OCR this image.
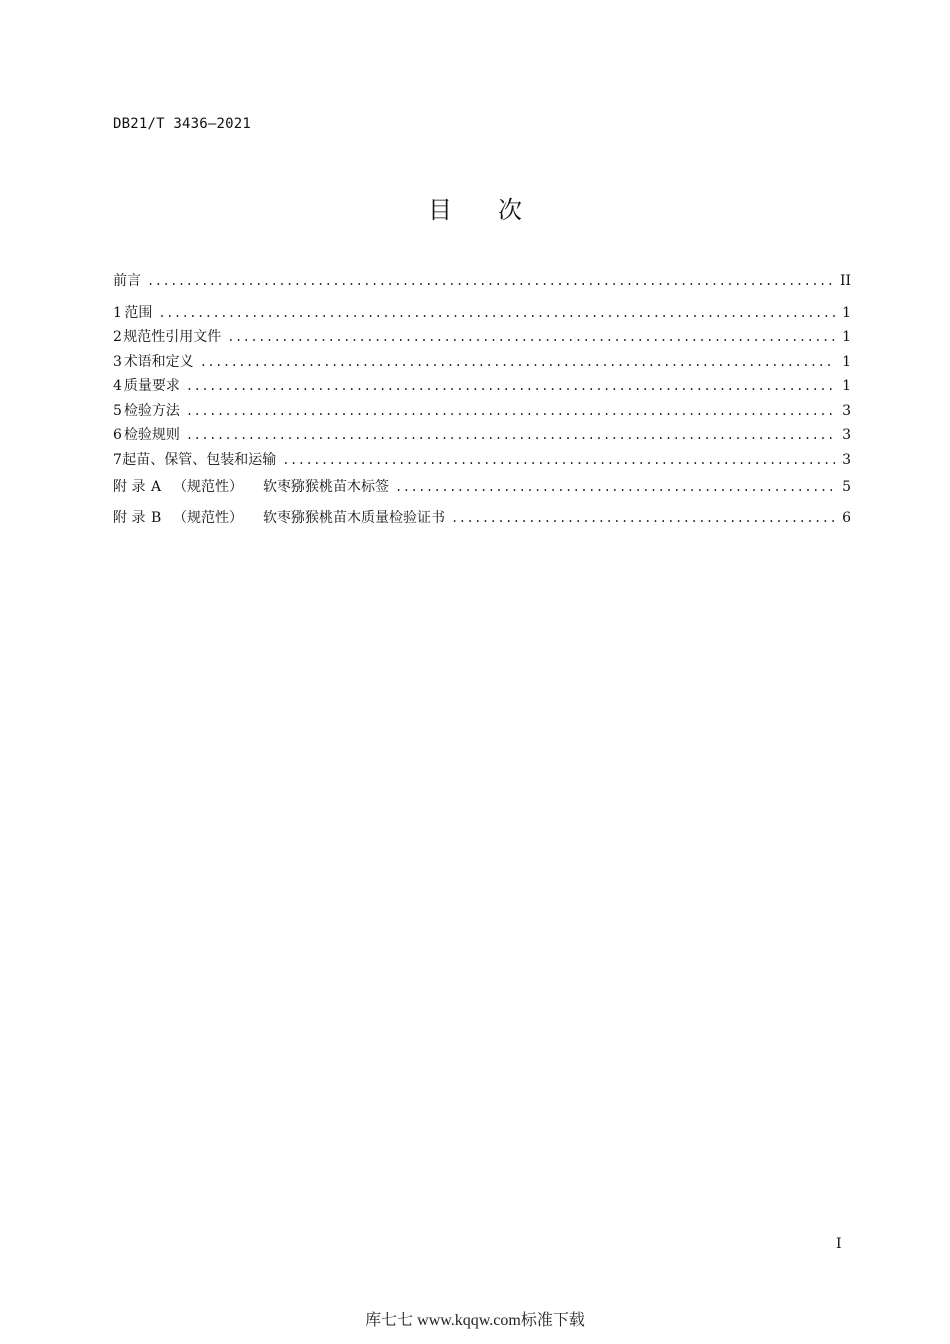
DB21/T 3436—2021
目 次
前言 .....	II
1 范围 .....	1
2 规范性引用文件 .....	1
3 术语和定义 .....	1
4 质量要求 .....	1
5 检验方法 .....	3
6 检验规则 .....	3
7 起苗、保管、包装和运输 .....	3
附 录 A （规范性）	软枣猕猴桃苗木标签 .....	5
附 录 B （规范性）	软枣猕猴桃苗木质量检验证书 .....	6
I
库七七 www.kqqw.com标准下载
